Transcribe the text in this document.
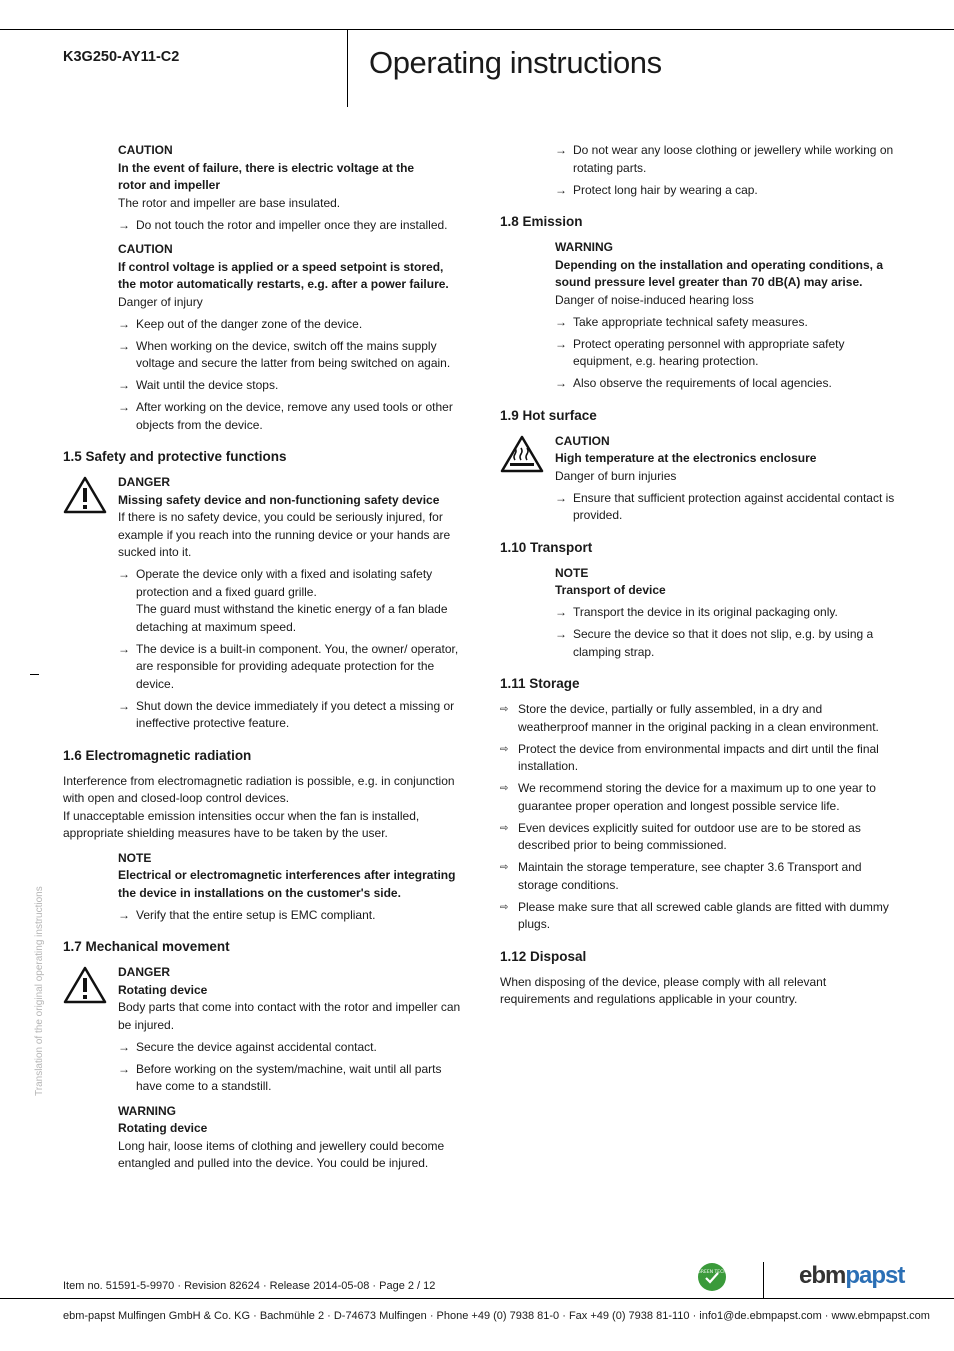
K3G250-AY11-C2	Operating instructions
Translation of the original operating instructions
CAUTION
In the event of failure, there is electric voltage at the
rotor and impeller
The rotor and impeller are base insulated.
→ Do not touch the rotor and impeller once they are installed.
CAUTION
If control voltage is applied or a speed setpoint is stored,
the motor automatically restarts, e.g. after a power failure.
Danger of injury
→ Keep out of the danger zone of the device.
→ When working on the device, switch off the mains supply voltage and secure the latter from being switched on again.
→ Wait until the device stops.
→ After working on the device, remove any used tools or other objects from the device.
1.5 Safety and protective functions
DANGER
Missing safety device and non-functioning safety device
If there is no safety device, you could be seriously injured, for example if you reach into the running device or your hands are sucked into it.
→ Operate the device only with a fixed and isolating safety protection and a fixed guard grille.
The guard must withstand the kinetic energy of a fan blade detaching at maximum speed.
→ The device is a built-in component. You, the owner/ operator, are responsible for providing adequate protection for the device.
→ Shut down the device immediately if you detect a missing or ineffective protective feature.
1.6 Electromagnetic radiation
Interference from electromagnetic radiation is possible, e.g. in conjunction with open and closed-loop control devices.
If unacceptable emission intensities occur when the fan is installed, appropriate shielding measures have to be taken by the user.
NOTE
Electrical or electromagnetic interferences after integrating the device in installations on the customer's side.
→ Verify that the entire setup is EMC compliant.
1.7 Mechanical movement
DANGER
Rotating device
Body parts that come into contact with the rotor and impeller can be injured.
→ Secure the device against accidental contact.
→ Before working on the system/machine, wait until all parts have come to a standstill.
WARNING
Rotating device
Long hair, loose items of clothing and jewellery could become entangled and pulled into the device. You could be injured.
→ Do not wear any loose clothing or jewellery while working on rotating parts.
→ Protect long hair by wearing a cap.
1.8 Emission
WARNING
Depending on the installation and operating conditions, a sound pressure level greater than 70 dB(A) may arise.
Danger of noise-induced hearing loss
→ Take appropriate technical safety measures.
→ Protect operating personnel with appropriate safety equipment, e.g. hearing protection.
→ Also observe the requirements of local agencies.
1.9 Hot surface
CAUTION
High temperature at the electronics enclosure
Danger of burn injuries
→ Ensure that sufficient protection against accidental contact is provided.
1.10 Transport
NOTE
Transport of device
→ Transport the device in its original packaging only.
→ Secure the device so that it does not slip, e.g. by using a clamping strap.
1.11 Storage
⇨ Store the device, partially or fully assembled, in a dry and weatherproof manner in the original packing in a clean environment.
⇨ Protect the device from environmental impacts and dirt until the final installation.
⇨ We recommend storing the device for a maximum up to one year to guarantee proper operation and longest possible service life.
⇨ Even devices explicitly suited for outdoor use are to be stored as described prior to being commissioned.
⇨ Maintain the storage temperature, see chapter 3.6 Transport and storage conditions.
⇨ Please make sure that all screwed cable glands are fitted with dummy plugs.
1.12 Disposal
When disposing of the device, please comply with all relevant requirements and regulations applicable in your country.
Item no. 51591-5-9970 · Revision 82624 · Release 2014-05-08 · Page 2 / 12
GREEN TECH	ebmpapst
ebm-papst Mulfingen GmbH & Co. KG · Bachmühle 2 · D-74673 Mulfingen · Phone +49 (0) 7938 81-0 · Fax +49 (0) 7938 81-110 · info1@de.ebmpapst.com · www.ebmpapst.com
